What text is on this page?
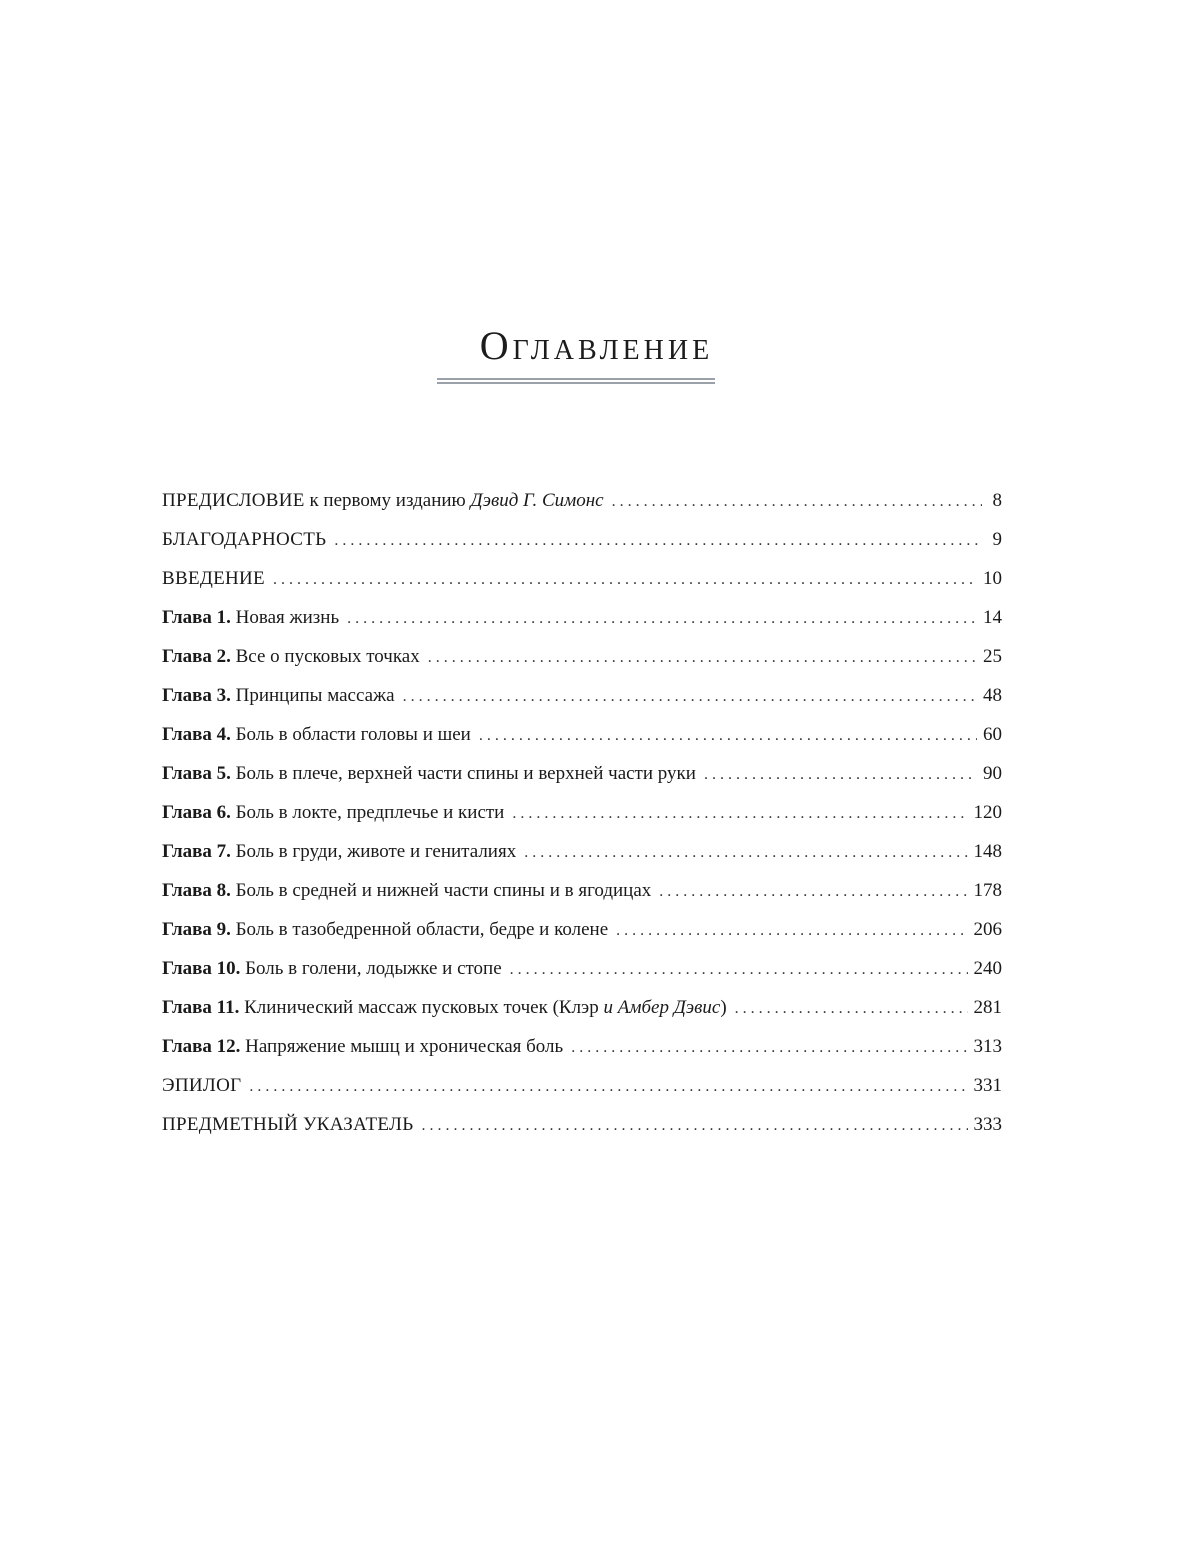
Оглавление
ПРЕДИСЛОВИЕ к первому изданию Дэвид Г. Симонс . . .	8
БЛАГОДАРНОСТЬ . . .	9
ВВЕДЕНИЕ . . .	10
Глава 1. Новая жизнь . . .	14
Глава 2. Все о пусковых точках . . .	25
Глава 3. Принципы массажа . . .	48
Глава 4. Боль в области головы и шеи . . .	60
Глава 5. Боль в плече, верхней части спины и верхней части руки . . .	90
Глава 6. Боль в локте, предплечье и кисти . . .	120
Глава 7. Боль в груди, животе и гениталиях . . .	148
Глава 8. Боль в средней и нижней части спины и в ягодицах . . .	178
Глава 9. Боль в тазобедренной области, бедре и колене . . .	206
Глава 10. Боль в голени, лодыжке и стопе . . .	240
Глава 11. Клинический массаж пусковых точек (Клэр и Амбер Дэвис) . . .	281
Глава 12. Напряжение мышц и хроническая боль . . .	313
ЭПИЛОГ . . .	331
ПРЕДМЕТНЫЙ УКАЗАТЕЛЬ . . .	333
